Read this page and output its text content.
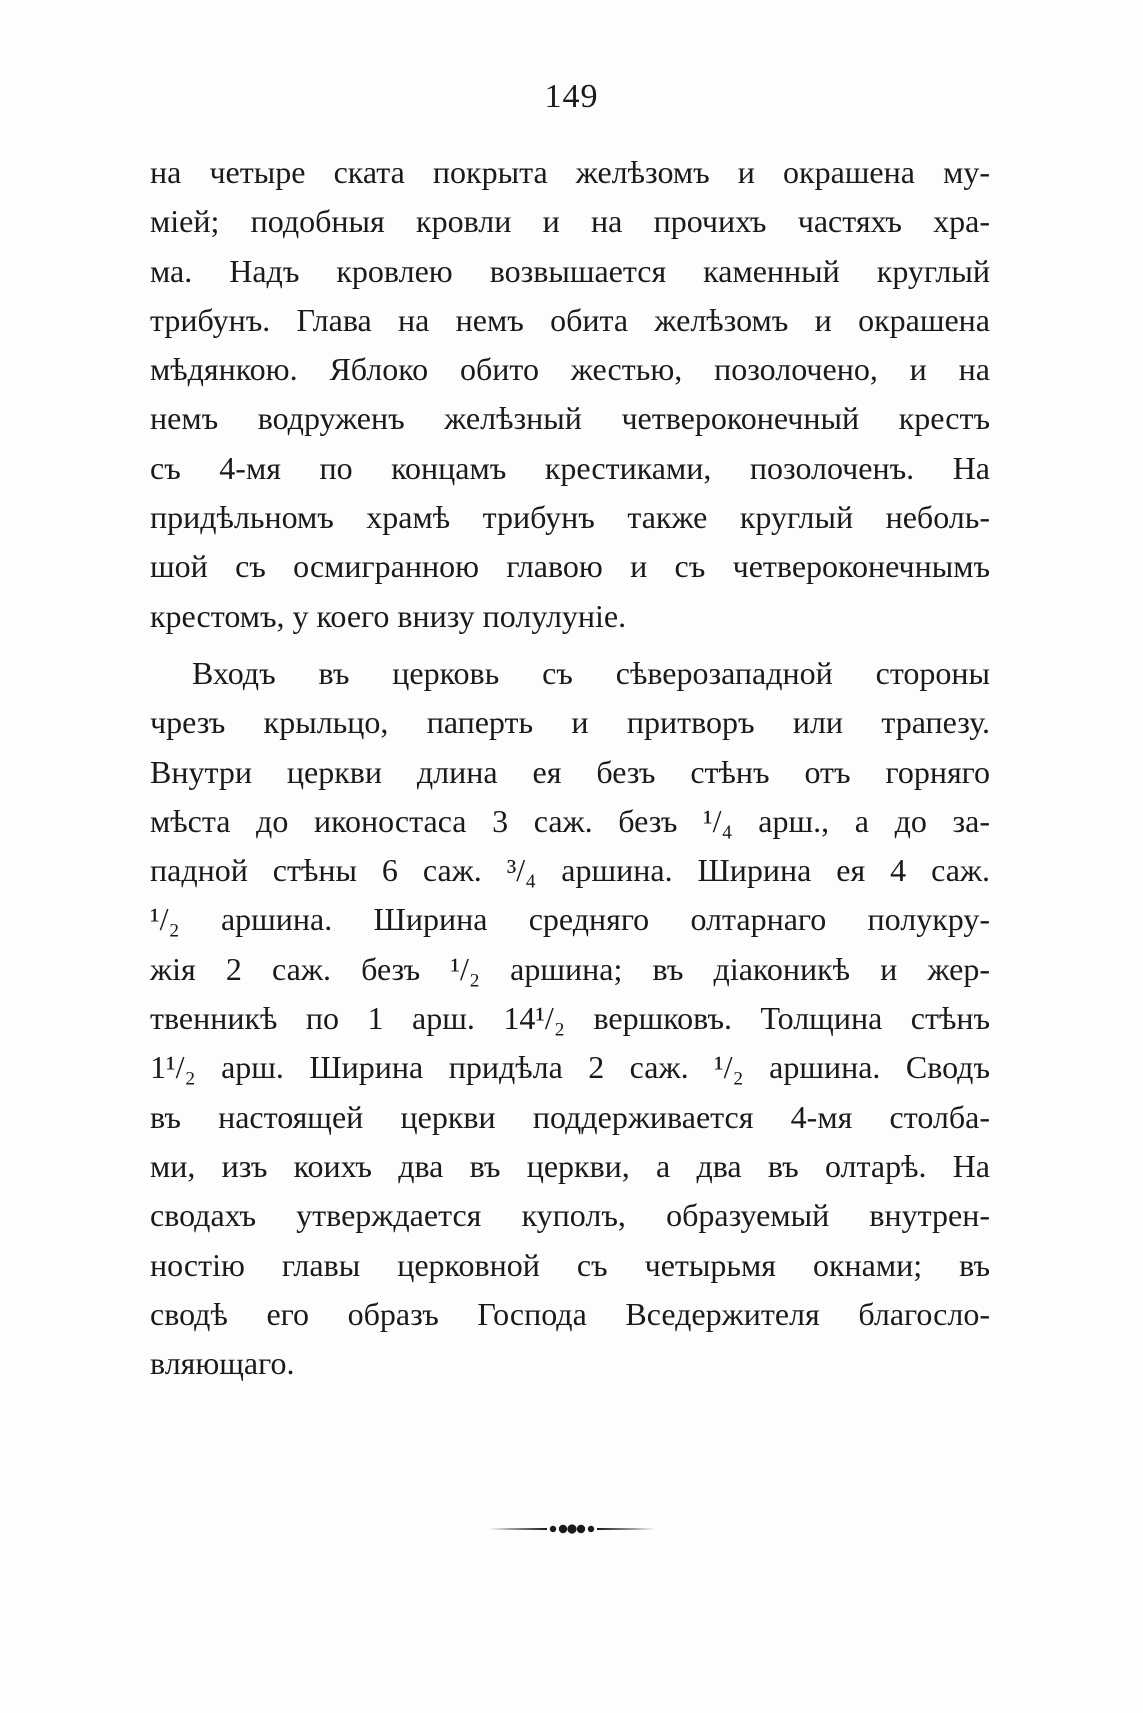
149
на четыре ската покрыта желѣзомъ и окрашена му-
міей; подобныя кровли и на прочихъ частяхъ хра-
ма. Надъ кровлею возвышается каменный круглый
трибунъ. Глава на немъ обита желѣзомъ и окрашена
мѣдянкою. Яблоко обито жестью, позолочено, и на
немъ водруженъ желѣзный четвероконечный крестъ
съ 4-мя по концамъ крестиками, позолоченъ. На
придѣльномъ храмѣ трибунъ также круглый неболь-
шой съ осмигранною главою и съ четвероконечнымъ
крестомъ, у коего внизу полулуніе.
Входъ въ церковь съ сѣверозападной стороны
чрезъ крыльцо, паперть и притворъ или трапезу.
Внутри церкви длина ея безъ стѣнъ отъ горняго
мѣста до иконостаса 3 саж. безъ ¹/₄ арш., а до за-
падной стѣны 6 саж. ³/₄ аршина. Ширина ея 4 саж.
¹/₂ аршина. Ширина средняго олтарнаго полукру-
жія 2 саж. безъ ¹/₂ аршина; въ діаконикѣ и жер-
твенникѣ по 1 арш. 14¹/₂ вершковъ. Толщина стѣнъ
1¹/₂ арш. Ширина придѣла 2 саж. ¹/₂ аршина. Сводъ
въ настоящей церкви поддерживается 4-мя столба-
ми, изъ коихъ два въ церкви, а два въ олтарѣ. На
сводахъ утверждается куполъ, образуемый внутрен-
ностію главы церковной съ четырьмя окнами; въ
сводѣ его образъ Господа Вседержителя благосло-
вляющаго.
